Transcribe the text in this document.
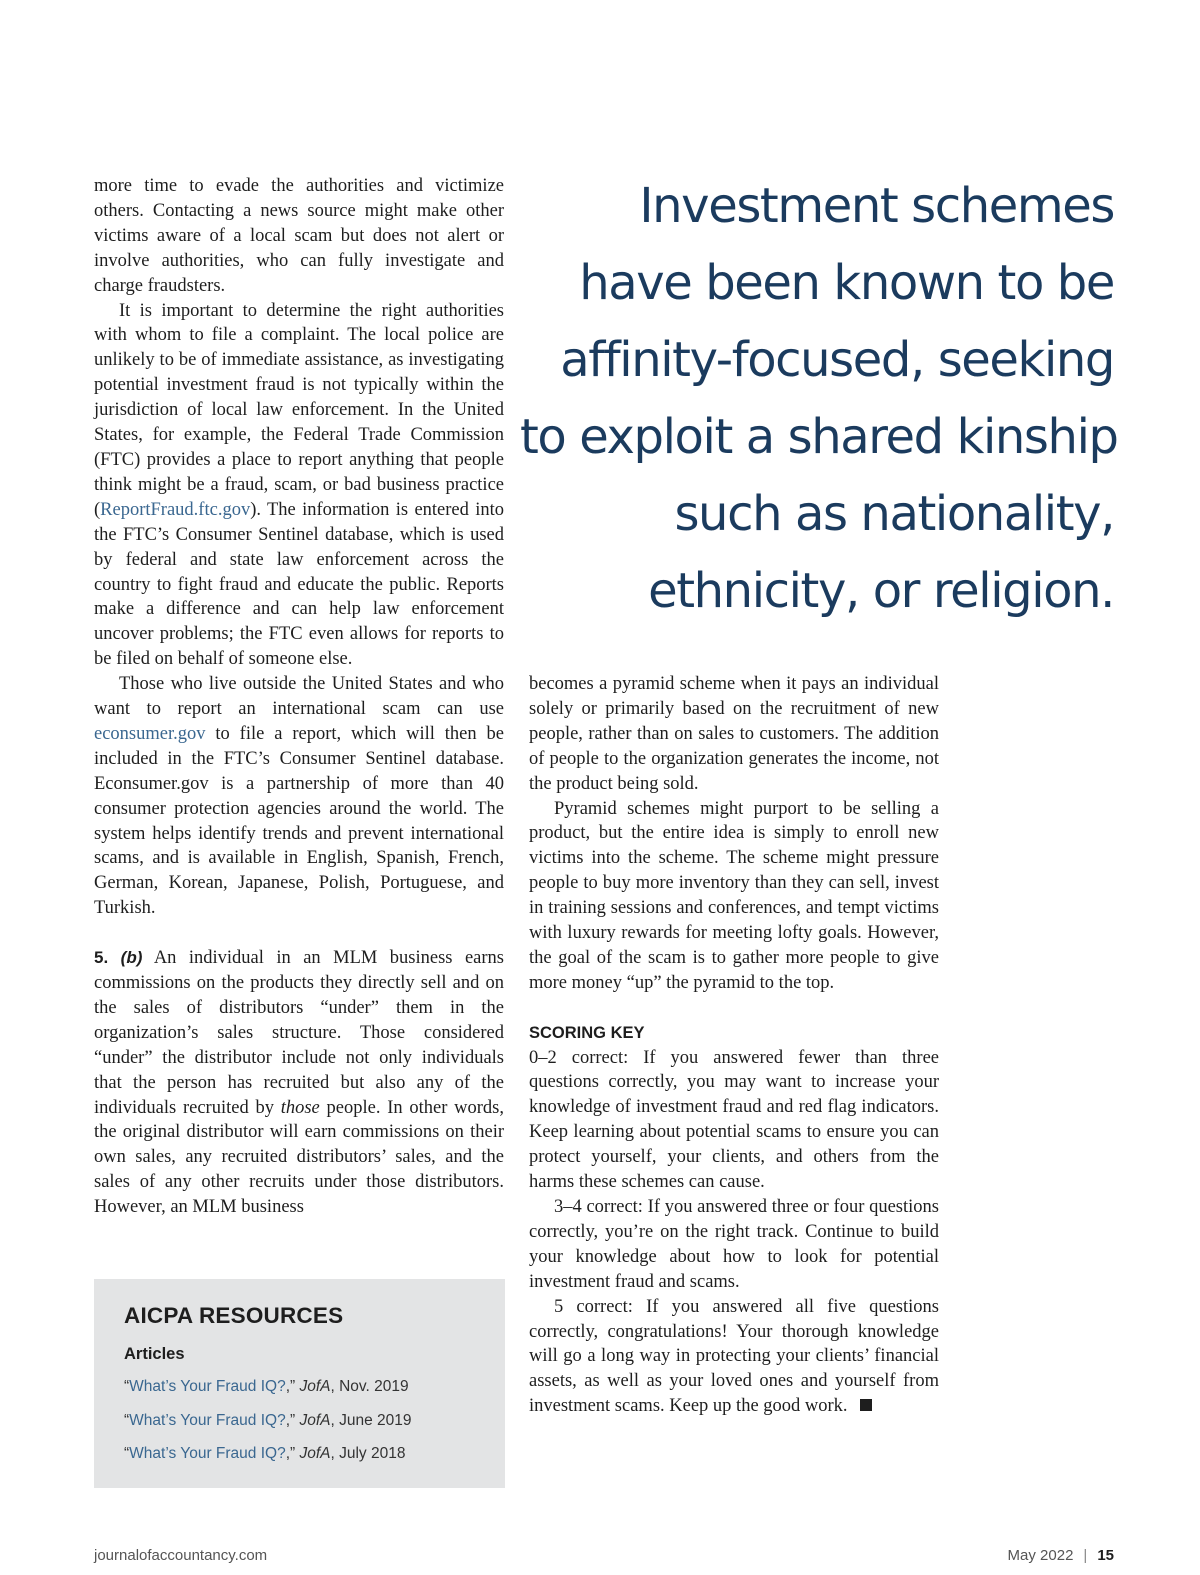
more time to evade the authorities and victimize others. Contacting a news source might make other victims aware of a local scam but does not alert or involve authorities, who can fully investigate and charge fraudsters.

It is important to determine the right authorities with whom to file a complaint. The local police are unlikely to be of immediate assistance, as investigating potential investment fraud is not typically within the jurisdiction of local law enforcement. In the United States, for example, the Federal Trade Commission (FTC) provides a place to report anything that people think might be a fraud, scam, or bad business practice (ReportFraud.ftc.gov). The information is entered into the FTC’s Consumer Sentinel database, which is used by federal and state law enforcement across the country to fight fraud and educate the public. Reports make a difference and can help law enforcement uncover problems; the FTC even allows for reports to be filed on behalf of someone else.

Those who live outside the United States and who want to report an international scam can use econsumer.gov to file a report, which will then be included in the FTC’s Consumer Sentinel database. Econsumer.gov is a partnership of more than 40 consumer protection agencies around the world. The system helps identify trends and prevent international scams, and is available in English, Spanish, French, German, Korean, Japanese, Polish, Portuguese, and Turkish.

5. (b) An individual in an MLM business earns commissions on the products they directly sell and on the sales of distributors “under” them in the organization’s sales structure. Those considered “under” the distributor include not only individuals that the person has recruited but also any of the individuals recruited by those people. In other words, the original distributor will earn commissions on their own sales, any recruited distributors’ sales, and the sales of any other recruits under those distributors. However, an MLM business

Investment schemes
have been known to be
affinity-focused, seeking
to exploit a shared kinship
such as nationality,
ethnicity, or religion.

becomes a pyramid scheme when it pays an individual solely or primarily based on the recruitment of new people, rather than on sales to customers. The addition of people to the organization generates the income, not the product being sold.

Pyramid schemes might purport to be selling a product, but the entire idea is simply to enroll new victims into the scheme. The scheme might pressure people to buy more inventory than they can sell, invest in training sessions and conferences, and tempt victims with luxury rewards for meeting lofty goals. However, the goal of the scam is to gather more people to give more money “up” the pyramid to the top.

SCORING KEY

0–2 correct: If you answered fewer than three questions correctly, you may want to increase your knowledge of investment fraud and red flag indicators. Keep learning about potential scams to ensure you can protect yourself, your clients, and others from the harms these schemes can cause.

3–4 correct: If you answered three or four questions correctly, you’re on the right track. Continue to build your knowledge about how to look for potential investment fraud and scams.

5 correct: If you answered all five questions correctly, congratulations! Your thorough knowledge will go a long way in protecting your clients’ financial assets, as well as your loved ones and yourself from investment scams. Keep up the good work.

AICPA RESOURCES
Articles
“What’s Your Fraud IQ?,” JofA, Nov. 2019
“What’s Your Fraud IQ?,” JofA, June 2019
“What’s Your Fraud IQ?,” JofA, July 2018
journalofaccountancy.com	May 2022 | 15
